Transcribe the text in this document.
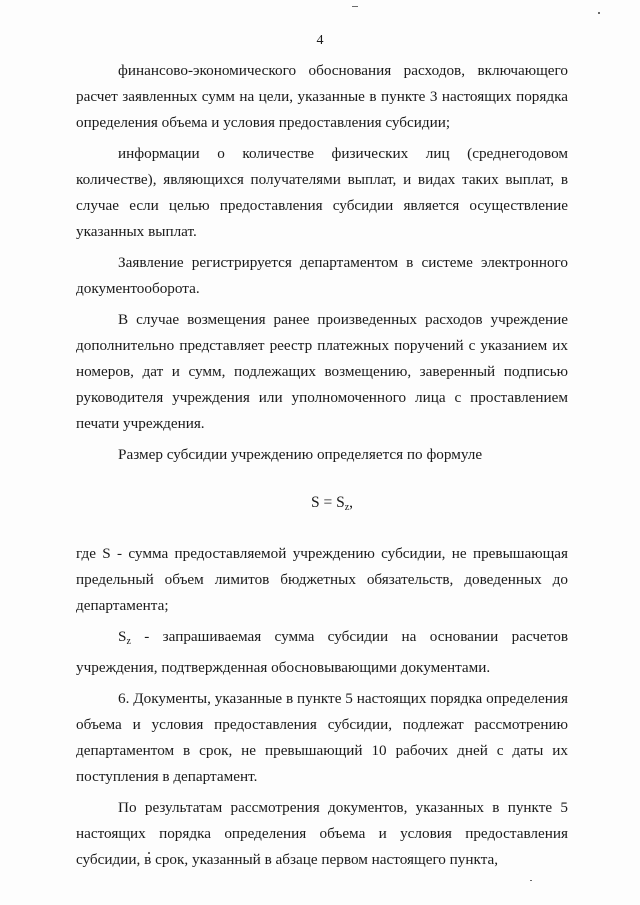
4

финансово-экономического обоснования расходов, включающего расчет заявленных сумм на цели, указанные в пункте 3 настоящих порядка определения объема и условия предоставления субсидии;

информации о количестве физических лиц (среднегодовом количестве), являющихся получателями выплат, и видах таких выплат, в случае если целью предоставления субсидии является осуществление указанных выплат.

Заявление регистрируется департаментом в системе электронного документооборота.

В случае возмещения ранее произведенных расходов учреждение дополнительно представляет реестр платежных поручений с указанием их номеров, дат и сумм, подлежащих возмещению, заверенный подписью руководителя учреждения или уполномоченного лица с проставлением печати учреждения.

Размер субсидии учреждению определяется по формуле

S = Sz,

где S - сумма предоставляемой учреждению субсидии, не превышающая предельный объем лимитов бюджетных обязательств, доведенных до департамента;

$S_z$ - запрашиваемая сумма субсидии на основании расчетов учреждения, подтвержденная обосновывающими документами.

6. Документы, указанные в пункте 5 настоящих порядка определения объема и условия предоставления субсидии, подлежат рассмотрению департаментом в срок, не превышающий 10 рабочих дней с даты их поступления в департамент.

По результатам рассмотрения документов, указанных в пункте 5 настоящих порядка определения объема и условия предоставления субсидии, в срок, указанный в абзаце первом настоящего пункта,
